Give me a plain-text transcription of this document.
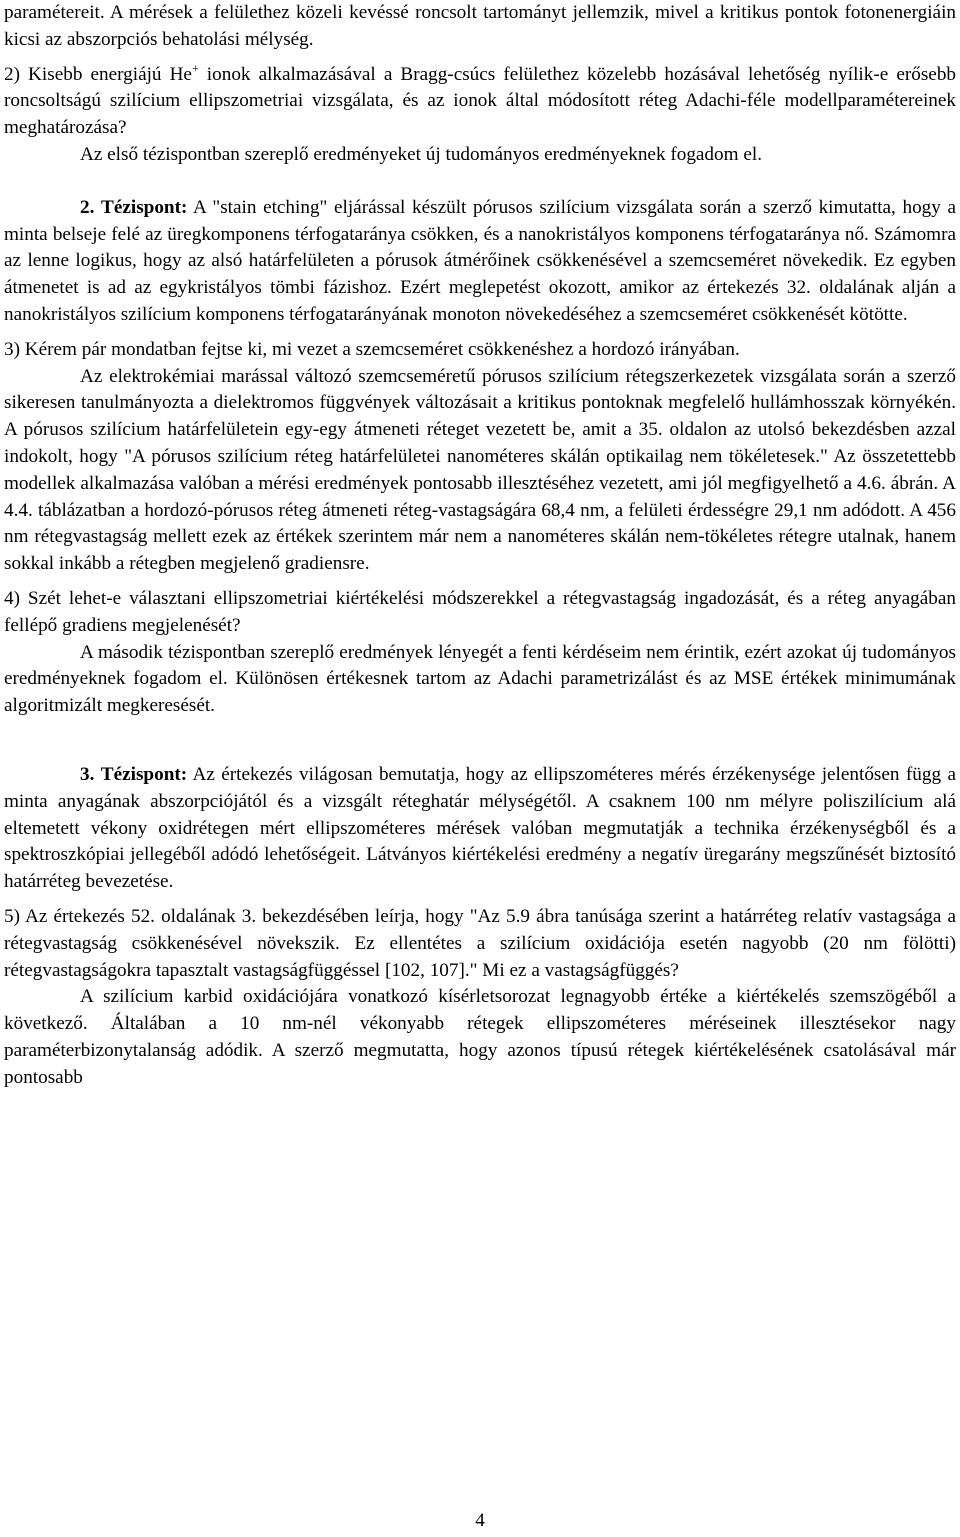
paramétereit. A mérések a felülethez közeli kevéssé roncsolt tartományt jellemzik, mivel a kritikus pontok fotonenergiáin kicsi az abszorpciós behatolási mélység.

2) Kisebb energiájú He+ ionok alkalmazásával a Bragg-csúcs felülethez közelebb hozásával lehetőség nyílik-e erősebb roncsoltságú szilícium ellipszometriai vizsgálata, és az ionok által módosított réteg Adachi-féle modellparamétereinek meghatározása?

Az első tézispontban szereplő eredményeket új tudományos eredményeknek fogadom el.

2. Tézispont: A "stain etching" eljárással készült pórusos szilícium vizsgálata során a szerző kimutatta, hogy a minta belseje felé az üregkomponens térfogataránya csökken, és a nanokristályos komponens térfogataránya nő. Számomra az lenne logikus, hogy az alsó határfelületen a pórusok átmérőinek csökkenésével a szemcseméret növekedik. Ez egyben átmenetet is ad az egykristályos tömbi fázishoz. Ezért meglepetést okozott, amikor az értekezés 32. oldalának alján a nanokristályos szilícium komponens térfogatarányának monoton növekedéséhez a szemcseméret csökkenését kötötte.

3) Kérem pár mondatban fejtse ki, mi vezet a szemcseméret csökkenéshez a hordozó irányában.

Az elektrokémiai marással változó szemcseméretű pórusos szilícium rétegszerkezetek vizsgálata során a szerző sikeresen tanulmányozta a dielektromos függvények változásait a kritikus pontoknak megfelelő hullámhosszak környékén. A pórusos szilícium határfelületein egy-egy átmeneti réteget vezetett be, amit a 35. oldalon az utolsó bekezdésben azzal indokolt, hogy "A pórusos szilícium réteg határfelületei nanométeres skálán optikailag nem tökéletesek." Az összetettebb modellek alkalmazása valóban a mérési eredmények pontosabb illesztéséhez vezetett, ami jól megfigyelhető a 4.6. ábrán. A 4.4. táblázatban a hordozó-pórusos réteg átmeneti réteg-vastagságára 68,4 nm, a felületi érdességre 29,1 nm adódott. A 456 nm rétegvastagság mellett ezek az értékek szerintem már nem a nanométeres skálán nem-tökéletes rétegre utalnak, hanem sokkal inkább a rétegben megjelenő gradiensre.

4) Szét lehet-e választani ellipszometriai kiértékelési módszerekkel a rétegvastagság ingadozását, és a réteg anyagában fellépő gradiens megjelenését?

A második tézispontban szereplő eredmények lényegét a fenti kérdéseim nem érintik, ezért azokat új tudományos eredményeknek fogadom el. Különösen értékesnek tartom az Adachi parametrizálást és az MSE értékek minimumának algoritmizált megkeresését.

3. Tézispont: Az értekezés világosan bemutatja, hogy az ellipszométeres mérés érzékenysége jelentősen függ a minta anyagának abszorpciójától és a vizsgált réteghatár mélységétől. A csaknem 100 nm mélyre poliszilícium alá eltemetett vékony oxidrétegen mért ellipszométeres mérések valóban megmutatják a technika érzékenységből és a spektroszkópiai jellegéből adódó lehetőségeit. Látványos kiértékelési eredmény a negatív üregarány megszűnését biztosító határréteg bevezetése.

5) Az értekezés 52. oldalának 3. bekezdésében leírja, hogy "Az 5.9 ábra tanúsága szerint a határréteg relatív vastagsága a rétegvastagság csökkenésével növekszik. Ez ellentétes a szilícium oxidációja esetén nagyobb (20 nm fölötti) rétegvastagságokra tapasztalt vastagságfüggéssel [102, 107]." Mi ez a vastagságfüggés?

A szilícium karbid oxidációjára vonatkozó kísérletsorozat legnagyobb értéke a kiértékelés szemszögéből a következő. Általában a 10 nm-nél vékonyabb rétegek ellipszométeres méréseinek illesztésekor nagy paraméterbizonytalanság adódik. A szerző megmutatta, hogy azonos típusú rétegek kiértékelésének csatolásával már pontosabb

4
